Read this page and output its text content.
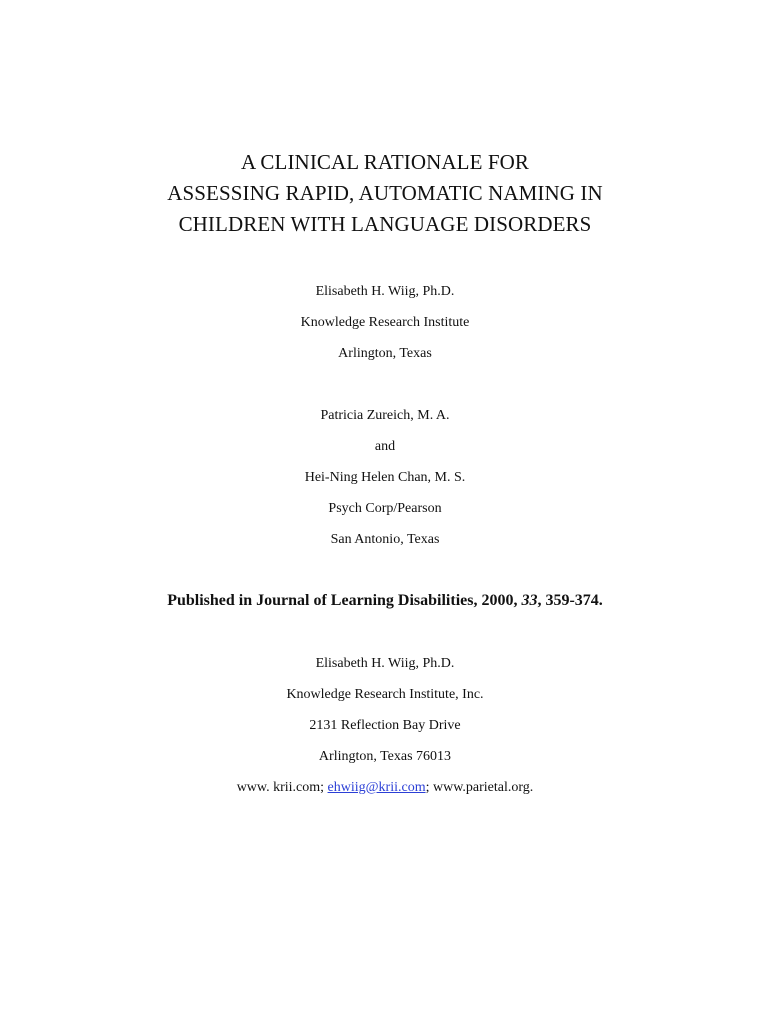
A CLINICAL RATIONALE FOR
ASSESSING RAPID, AUTOMATIC NAMING IN
CHILDREN WITH LANGUAGE DISORDERS
Elisabeth H. Wiig, Ph.D.
Knowledge Research Institute
Arlington, Texas
Patricia Zureich, M. A.
and
Hei-Ning Helen Chan, M. S.
Psych Corp/Pearson
San Antonio, Texas
Published in Journal of Learning Disabilities, 2000, 33, 359-374.
Elisabeth H. Wiig, Ph.D.
Knowledge Research Institute, Inc.
2131 Reflection Bay Drive
Arlington, Texas 76013
www. krii.com; ehwiig@krii.com; www.parietal.org.
